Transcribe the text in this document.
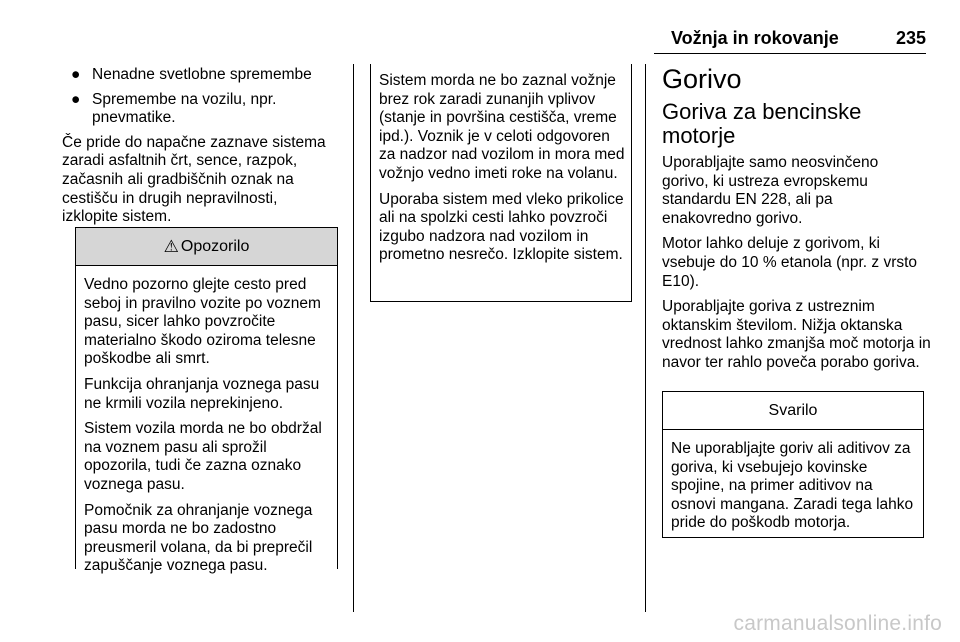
Vožnja in rokovanje	235
● Nenadne svetlobne spremembe
● Spremembe na vozilu, npr. pnevmatike.

Če pride do napačne zaznave sistema zaradi asfaltnih črt, sence, razpok, začasnih ali gradbiščnih oznak na cestišču in drugih nepravilnosti, izklopite sistem.

⚠ Opozorilo

Vedno pozorno glejte cesto pred seboj in pravilno vozite po voznem pasu, sicer lahko povzročite materialno škodo oziroma telesne poškodbe ali smrt.

Funkcija ohranjanja voznega pasu ne krmili vozila neprekinjeno.

Sistem vozila morda ne bo obdržal na voznem pasu ali sprožil opozorila, tudi če zazna oznako voznega pasu.

Pomočnik za ohranjanje voznega pasu morda ne bo zadostno preusmeril volana, da bi preprečil zapuščanje voznega pasu.

Sistem morda ne bo zaznal vožnje brez rok zaradi zunanjih vplivov (stanje in površina cestišča, vreme ipd.). Voznik je v celoti odgovoren za nadzor nad vozilom in mora med vožnjo vedno imeti roke na volanu.

Uporaba sistem med vleko prikolice ali na spolzki cesti lahko povzroči izgubo nadzora nad vozilom in prometno nesrečo. Izklopite sistem.

Gorivo
Goriva za bencinske motorje

Uporabljajte samo neosvinčeno gorivo, ki ustreza evropskemu standardu EN 228, ali pa enakovredno gorivo.

Motor lahko deluje z gorivom, ki vsebuje do 10 % etanola (npr. z vrsto E10).

Uporabljajte goriva z ustreznim oktanskim številom. Nižja oktanska vrednost lahko zmanjša moč motorja in navor ter rahlo poveča porabo goriva.

Svarilo

Ne uporabljajte goriv ali aditivov za goriva, ki vsebujejo kovinske spojine, na primer aditivov na osnovi mangana. Zaradi tega lahko pride do poškodb motorja.

carmanualsonline.info
